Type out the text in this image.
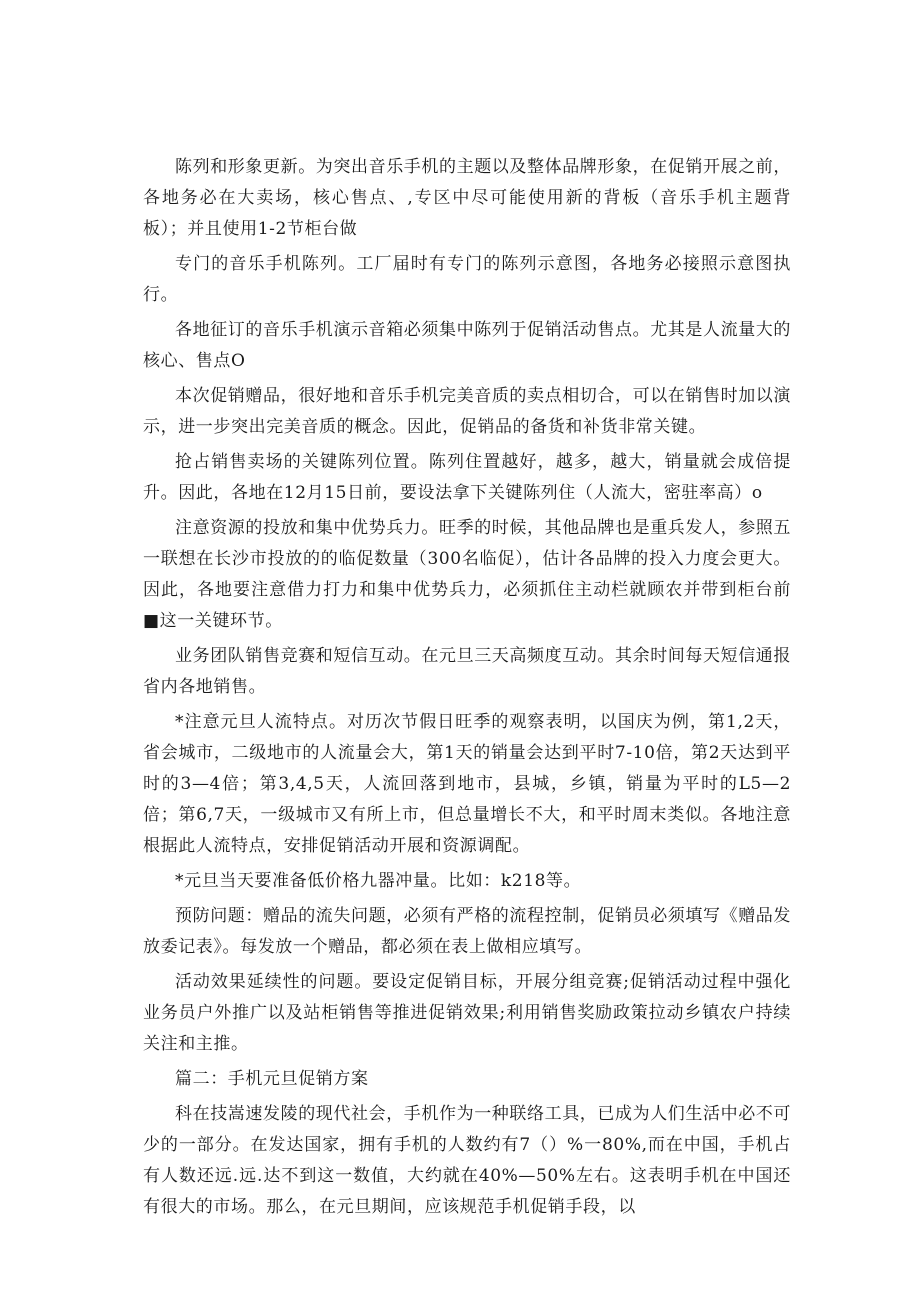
陈列和形象更新。为突出音乐手机的主题以及整体品牌形象，在促销开展之前，各地务必在大卖场，核心售点、,专区中尽可能使用新的背板（音乐手机主题背板）；并且使用1-2节柜台做

专门的音乐手机陈列。工厂届时有专门的陈列示意图，各地务必接照示意图执行。

各地征订的音乐手机演示音箱必须集中陈列于促销活动售点。尤其是人流量大的核心、售点O

本次促销赠品，很好地和音乐手机完美音质的卖点相切合，可以在销售时加以演示，进一步突出完美音质的概念。因此，促销品的备货和补货非常关键。

抢占销售卖场的关键陈列位置。陈列住置越好，越多，越大，销量就会成倍提升。因此，各地在12月15日前，要设法拿下关键陈列住（人流大，密驻率高）o

注意资源的投放和集中优势兵力。旺季的时候，其他品牌也是重兵发人，参照五一联想在长沙市投放的的临促数量（300名临促），估计各品牌的投入力度会更大。因此，各地要注意借力打力和集中优势兵力，必须抓住主动栏就顾农并带到柜台前■这一关键环节。

业务团队销售竞赛和短信互动。在元旦三天高频度互动。其余时间每天短信通报省内各地销售。

*注意元旦人流特点。对历次节假日旺季的观察表明，以国庆为例，第1,2天，省会城市，二级地市的人流量会大，第1天的销量会达到平时7-10倍，第2天达到平时的3—4倍；第3,4,5天，人流回落到地市，县城，乡镇，销量为平时的L5—2倍；第6,7天，一级城市又有所上市，但总量增长不大，和平时周末类似。各地注意根据此人流特点，安排促销活动开展和资源调配。

*元旦当天要准备低价格九器冲量。比如：k218等。

预防问题：赠品的流失问题，必须有严格的流程控制，促销员必须填写《赠品发放委记表》。每发放一个赠品，都必须在表上做相应填写。

活动效果延续性的问题。要设定促销目标，开展分组竞赛;促销活动过程中强化业务员户外推广以及站柜销售等推进促销效果;利用销售奖励政策拉动乡镇农户持续关注和主推。

篇二：手机元旦促销方案

科在技嵩速发陵的现代社会，手机作为一种联络工具，已成为人们生活中必不可少的一部分。在发达国家，拥有手机的人数约有7（）%一80%,而在中国，手机占有人数还远.远.达不到这一数值，大约就在40%—50%左右。这表明手机在中国还有很大的市场。那么，在元旦期间，应该规范手机促销手段，以
